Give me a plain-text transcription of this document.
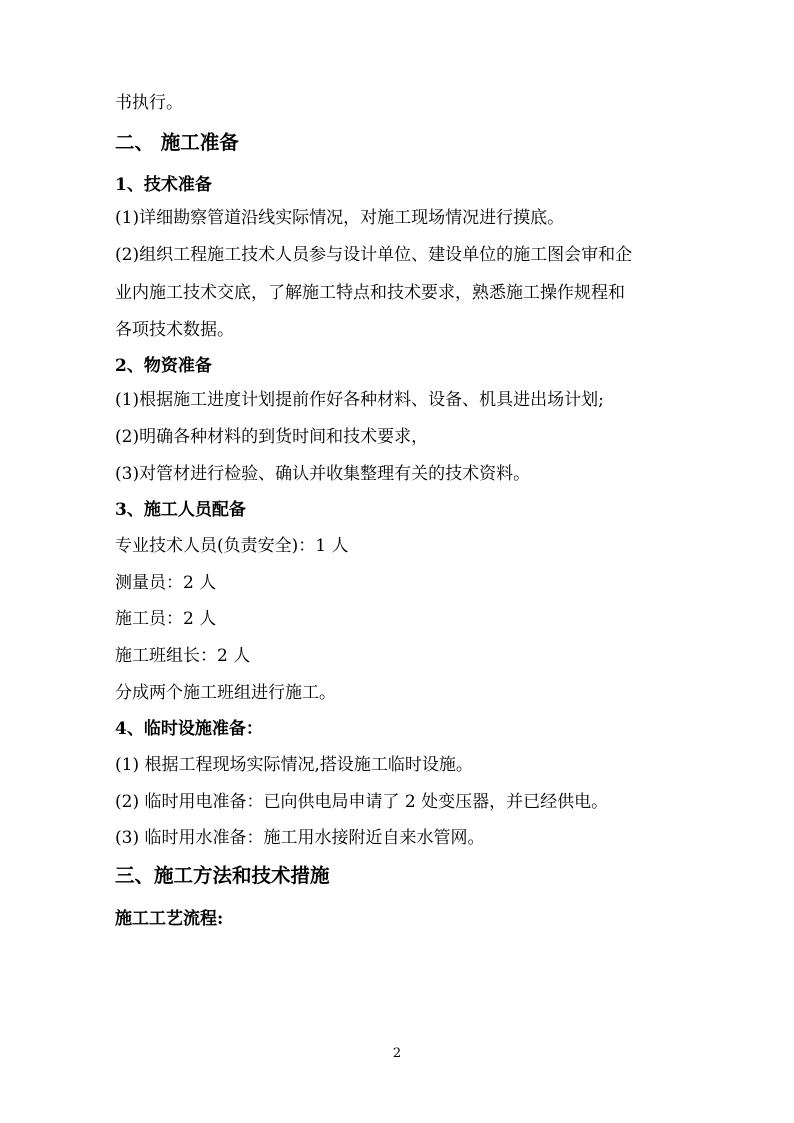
书执行。
二、 施工准备
1、技术准备
(1)详细勘察管道沿线实际情况，对施工现场情况进行摸底。
(2)组织工程施工技术人员参与设计单位、建设单位的施工图会审和企
业内施工技术交底，了解施工特点和技术要求，熟悉施工操作规程和
各项技术数据。
2、物资准备
(1)根据施工进度计划提前作好各种材料、设备、机具进出场计划;
(2)明确各种材料的到货时间和技术要求，
(3)对管材进行检验、确认并收集整理有关的技术资料。
3、施工人员配备
专业技术人员(负责安全)：1 人
测量员：2 人
施工员：2 人
施工班组长：2 人
分成两个施工班组进行施工。
4、临时设施准备：
(1) 根据工程现场实际情况,搭设施工临时设施。
(2) 临时用电准备：已向供电局申请了 2 处变压器，并已经供电。
(3) 临时用水准备：施工用水接附近自来水管网。
三、施工方法和技术措施
施工工艺流程:
2
